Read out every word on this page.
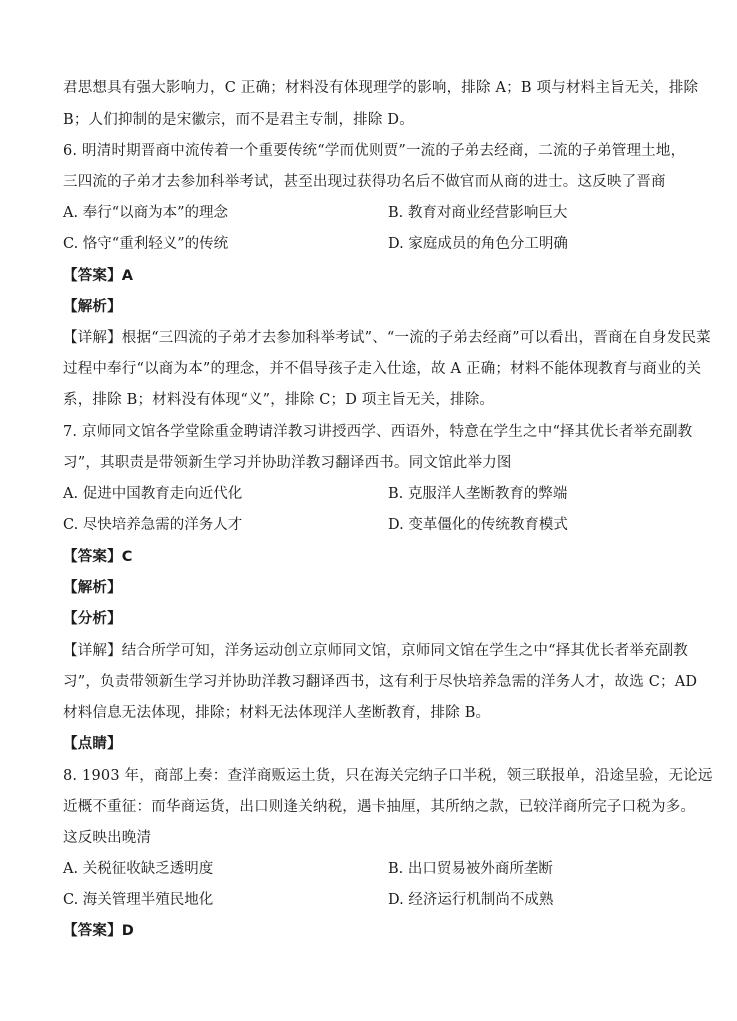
君思想具有强大影响力，C 正确；材料没有体现理学的影响，排除 A；B 项与材料主旨无关，排除
B；人们抑制的是宋徽宗，而不是君主专制，排除 D。
6. 明清时期晋商中流传着一个重要传统“学而优则贾”一流的子弟去经商，二流的子弟管理土地，
三四流的子弟才去参加科举考试，甚至出现过获得功名后不做官而从商的进士。这反映了晋商
A. 奉行“以商为本”的理念	B. 教育对商业经营影响巨大
C. 恪守“重利轻义”的传统	D. 家庭成员的角色分工明确
【答案】A
【解析】
【详解】根据“三四流的子弟才去参加科举考试”、“一流的子弟去经商”可以看出，晋商在自身发民菜
过程中奉行“以商为本”的理念，并不倡导孩子走入仕途，故 A 正确；材料不能体现教育与商业的关
系，排除 B；材料没有体现“义”，排除 C；D 项主旨无关，排除。
7. 京师同文馆各学堂除重金聘请洋教习讲授西学、西语外，特意在学生之中“择其优长者举充副教
习”，其职责是带领新生学习并协助洋教习翻译西书。同文馆此举力图
A. 促进中国教育走向近代化	B. 克服洋人垄断教育的弊端
C. 尽快培养急需的洋务人才	D. 变革僵化的传统教育模式
【答案】C
【解析】
【分析】
【详解】结合所学可知，洋务运动创立京师同文馆，京师同文馆在学生之中“择其优长者举充副教
习”，负责带领新生学习并协助洋教习翻译西书，这有利于尽快培养急需的洋务人才，故选 C；AD
材料信息无法体现，排除；材料无法体现洋人垄断教育，排除 B。
【点睛】
8. 1903 年，商部上奏：查洋商贩运土货，只在海关完纳子口半税，领三联报单，沿途呈验，无论远
近概不重征：而华商运货，出口则逢关纳税，遇卡抽厘，其所纳之款，已较洋商所完子口税为多。
这反映出晚清
A. 关税征收缺乏透明度	B. 出口贸易被外商所垄断
C. 海关管理半殖民地化	D. 经济运行机制尚不成熟
【答案】D
